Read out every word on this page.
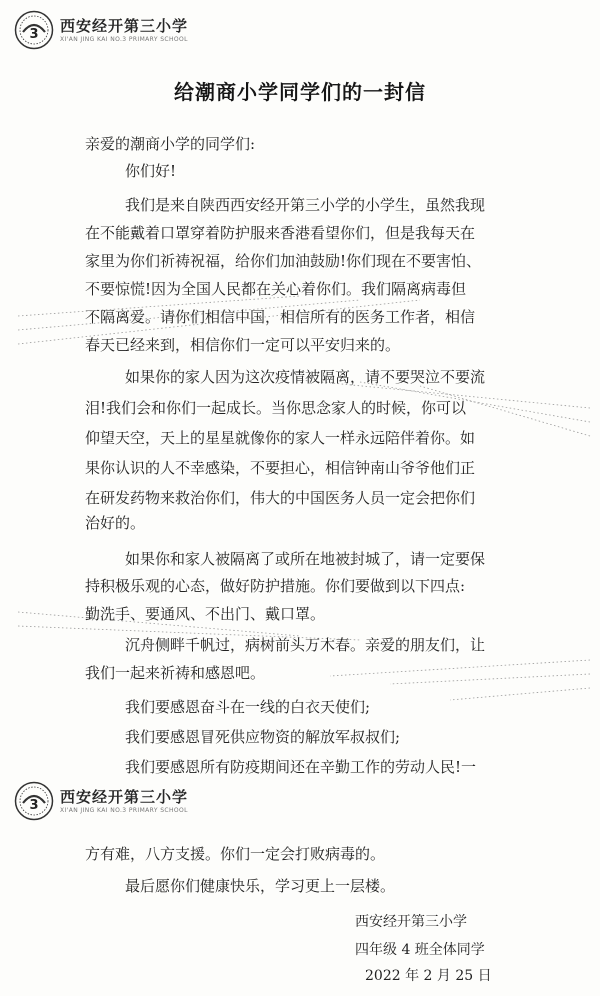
3 西安经开第三小学
XI'AN JING KAI NO.3 PRIMARY SCHOOL
给潮商小学同学们的一封信
亲爱的潮商小学的同学们:
你们好!
我们是来自陕西西安经开第三小学的小学生，虽然我现
在不能戴着口罩穿着防护服来香港看望你们，但是我每天在
家里为你们祈祷祝福，给你们加油鼓励!你们现在不要害怕、
不要惊慌!因为全国人民都在关心着你们。我们隔离病毒但
不隔离爱。请你们相信中国，相信所有的医务工作者，相信
春天已经来到，相信你们一定可以平安归来的。
如果你的家人因为这次疫情被隔离，请不要哭泣不要流
泪!我们会和你们一起成长。当你思念家人的时候，你可以
仰望天空，天上的星星就像你的家人一样永远陪伴着你。如
果你认识的人不幸感染，不要担心，相信钟南山爷爷他们正
在研发药物来救治你们，伟大的中国医务人员一定会把你们
治好的。
如果你和家人被隔离了或所在地被封城了，请一定要保
持积极乐观的心态，做好防护措施。你们要做到以下四点:
勤洗手、要通风、不出门、戴口罩。
沉舟侧畔千帆过，病树前头万木春。亲爱的朋友们，让
我们一起来祈祷和感恩吧。
我们要感恩奋斗在一线的白衣天使们;
我们要感恩冒死供应物资的解放军叔叔们;
我们要感恩所有防疫期间还在辛勤工作的劳动人民!一
3 西安经开第三小学
XI'AN JING KAI NO.3 PRIMARY SCHOOL
方有难，八方支援。你们一定会打败病毒的。
最后愿你们健康快乐，学习更上一层楼。
西安经开第三小学
四年级 4 班全体同学
2022 年 2 月 25 日
